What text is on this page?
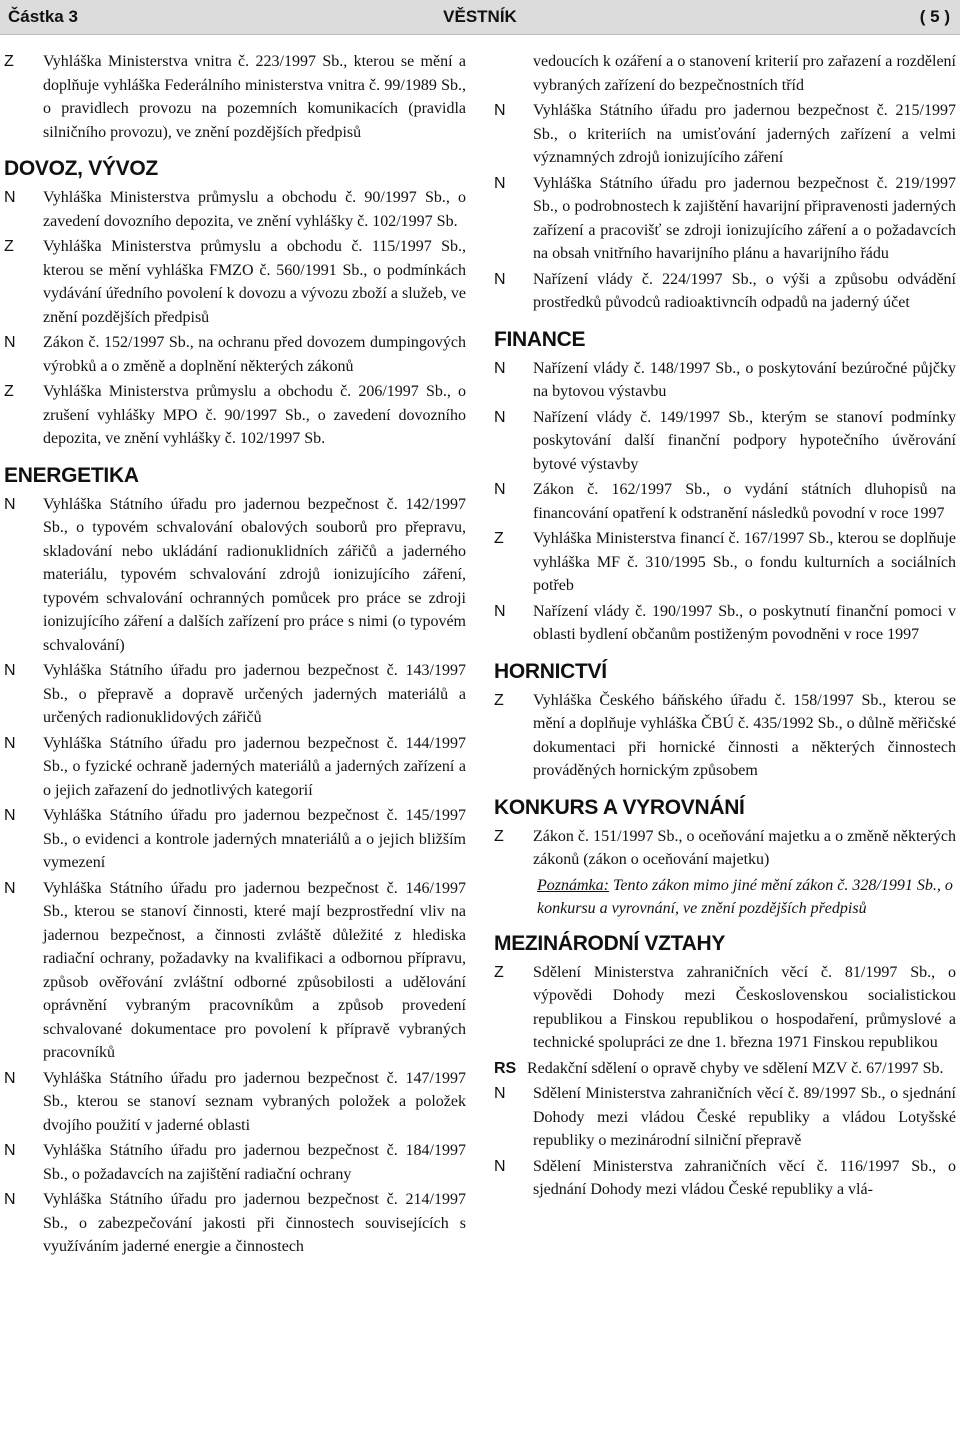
Částka 3	VĚSTNÍK	( 5 )
Z Vyhláška Ministerstva vnitra č. 223/1997 Sb., kterou se mění a doplňuje vyhláška Federálního ministerstva vnitra č. 99/1989 Sb., o pravidlech provozu na pozemních komunikacích (pravidla silničního provozu), ve znění pozdějších předpisů
DOVOZ, VÝVOZ
N Vyhláška Ministerstva průmyslu a obchodu č. 90/1997 Sb., o zavedení dovozního depozita, ve znění vyhlášky č. 102/1997 Sb.
Z Vyhláška Ministerstva průmyslu a obchodu č. 115/1997 Sb., kterou se mění vyhláška FMZO č. 560/1991 Sb., o podmínkách vydávání úředního povolení k dovozu a vývozu zboží a služeb, ve znění pozdějších předpisů
N Zákon č. 152/1997 Sb., na ochranu před dovozem dumpingových výrobků a o změně a doplnění některých zákonů
Z Vyhláška Ministerstva průmyslu a obchodu č. 206/1997 Sb., o zrušení vyhlášky MPO č. 90/1997 Sb., o zavedení dovozního depozita, ve znění vyhlášky č. 102/1997 Sb.
ENERGETIKA
N Vyhláška Státního úřadu pro jadernou bezpečnost č. 142/1997 Sb., o typovém schvalování obalových souborů pro přepravu, skladování nebo ukládání radionuklidních zářičů a jaderného materiálu, typovém schvalování zdrojů ionizujícího záření, typovém schvalování ochranných pomůcek pro práce se zdroji ionizujícího záření a dalších zařízení pro práce s nimi (o typovém schvalování)
N Vyhláška Státního úřadu pro jadernou bezpečnost č. 143/1997 Sb., o přepravě a dopravě určených jaderných materiálů a určených radionuklidových zářičů
N Vyhláška Státního úřadu pro jadernou bezpečnost č. 144/1997 Sb., o fyzické ochraně jaderných materiálů a jaderných zařízení a o jejich zařazení do jednotlivých kategorií
N Vyhláška Státního úřadu pro jadernou bezpečnost č. 145/1997 Sb., o evidenci a kontrole jaderných mnateriálů a o jejich bližším vymezení
N Vyhláška Státního úřadu pro jadernou bezpečnost č. 146/1997 Sb., kterou se stanoví činnosti, které mají bezprostřední vliv na jadernou bezpečnost, a činnosti zvláště důležité z hlediska radiační ochrany, požadavky na kvalifikaci a odbornou přípravu, způsob ověřování zvláštní odborné způsobilosti a udělování oprávnění vybraným pracovníkům a způsob provedení schvalované dokumentace pro povolení k přípravě vybraných pracovníků
N Vyhláška Státního úřadu pro jadernou bezpečnost č. 147/1997 Sb., kterou se stanoví seznam vybraných položek a položek dvojího použití v jaderné oblasti
N Vyhláška Státního úřadu pro jadernou bezpečnost č. 184/1997 Sb., o požadavcích na zajištění radiační ochrany
N Vyhláška Státního úřadu pro jadernou bezpečnost č. 214/1997 Sb., o zabezpečování jakosti při činnostech souvisejících s využíváním jaderné energie a činnostech
vedoucích k ozáření a o stanovení kriterií pro zařazení a rozdělení vybraných zařízení do bezpečnostních tříd
N Vyhláška Státního úřadu pro jadernou bezpečnost č. 215/1997 Sb., o kriteriích na umisťování jaderných zařízení a velmi významných zdrojů ionizujícího záření
N Vyhláška Státního úřadu pro jadernou bezpečnost č. 219/1997 Sb., o podrobnostech k zajištění havarijní připravenosti jaderných zařízení a pracovišť se zdroji ionizujícího záření a o požadavcích na obsah vnitřního havarijního plánu a havarijního řádu
N Nařízení vlády č. 224/1997 Sb., o výši a způsobu odvádění prostředků původců radioaktivncíh odpadů na jaderný účet
FINANCE
N Nařízení vlády č. 148/1997 Sb., o poskytování bezúročné půjčky na bytovou výstavbu
N Nařízení vlády č. 149/1997 Sb., kterým se stanoví podmínky poskytování další finanční podpory hypotečního úvěrování bytové výstavby
N Zákon č. 162/1997 Sb., o vydání státních dluhopisů na financování opatření k odstranění následků povodní v roce 1997
Z Vyhláška Ministerstva financí č. 167/1997 Sb., kterou se doplňuje vyhláška MF č. 310/1995 Sb., o fondu kulturních a sociálních potřeb
N Nařízení vlády č. 190/1997 Sb., o poskytnutí finanční pomoci v oblasti bydlení občanům postiženým povodněni v roce 1997
HORNICTVÍ
Z Vyhláška Českého báňského úřadu č. 158/1997 Sb., kterou se mění a doplňuje vyhláška ČBÚ č. 435/1992 Sb., o důlně měřičské dokumentaci při hornické činnosti a některých činnostech prováděných hornickým způsobem
KONKURS A VYROVNÁNÍ
Z Zákon č. 151/1997 Sb., o oceňování majetku a o změně některých zákonů (zákon o oceňování majetku)
Poznámka: Tento zákon mimo jiné mění zákon č. 328/1991 Sb., o konkursu a vyrovnání, ve znění pozdějších předpisů
MEZINÁRODNÍ VZTAHY
Z Sdělení Ministerstva zahraničních věcí č. 81/1997 Sb., o výpovědi Dohody mezi Československou socialistickou republikou a Finskou republikou o hospodaření, průmyslové a technické spolupráci ze dne 1. března 1971 Finskou republikou
RS Redakční sdělení o opravě chyby ve sdělení MZV č. 67/1997 Sb.
N Sdělení Ministerstva zahraničních věcí č. 89/1997 Sb., o sjednání Dohody mezi vládou České republiky a vládou Lotyšské republiky o mezinárodní silniční přepravě
N Sdělení Ministerstva zahraničních věcí č. 116/1997 Sb., o sjednání Dohody mezi vládou České republiky a vlá-
